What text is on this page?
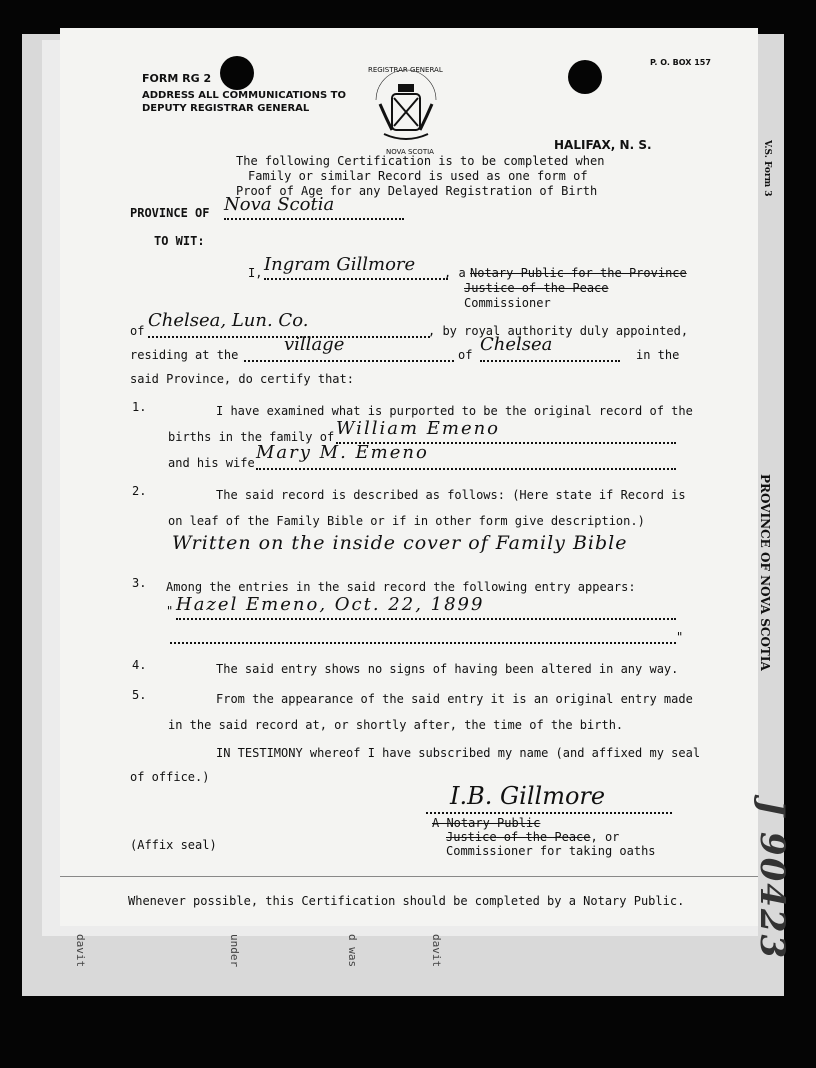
FORM RG 2
ADDRESS ALL COMMUNICATIONS TO
DEPUTY REGISTRAR GENERAL
P. O. BOX 157
HALIFAX, N. S.
REGISTRAR GENERAL
NOVA SCOTIA
The following Certification is to be completed when
Family or similar Record is used as one form of
Proof of Age for any Delayed Registration of Birth
PROVINCE OF Nova Scotia
TO WIT:
I, Ingram Gillmore	, a Notary Public for the Province
Justice of the Peace
Commissioner
of Chelsea, Lun. Co.	, by royal authority duly appointed,
residing at the	village	of Chelsea	in the
said Province, do certify that:
1.	I have examined what is purported to be the original record of the
births in the family of William Emeno
and his wife Mary M. Emeno
2.	The said record is described as follows: (Here state if Record is
on leaf of the Family Bible or if in other form give description.)
Written on the inside cover of Family Bible
3. Among the entries in the said record the following entry appears:
" Hazel Emeno, Oct. 22, 1899
"
4.	The said entry shows no signs of having been altered in any way.
5.	From the appearance of the said entry it is an original entry made
in the said record at, or shortly after, the time of the birth.
IN TESTIMONY whereof I have subscribed my name (and affixed my seal
of office.)
I.B. Gillmore
A Notary Public
Justice of the Peace, or
Commissioner for taking oaths
(Affix seal)
Whenever possible, this Certification should be completed by a Notary Public.
V.S. Form 3
PROVINCE OF NOVA SCOTIA
J 90423
davit	under	d was	davit
